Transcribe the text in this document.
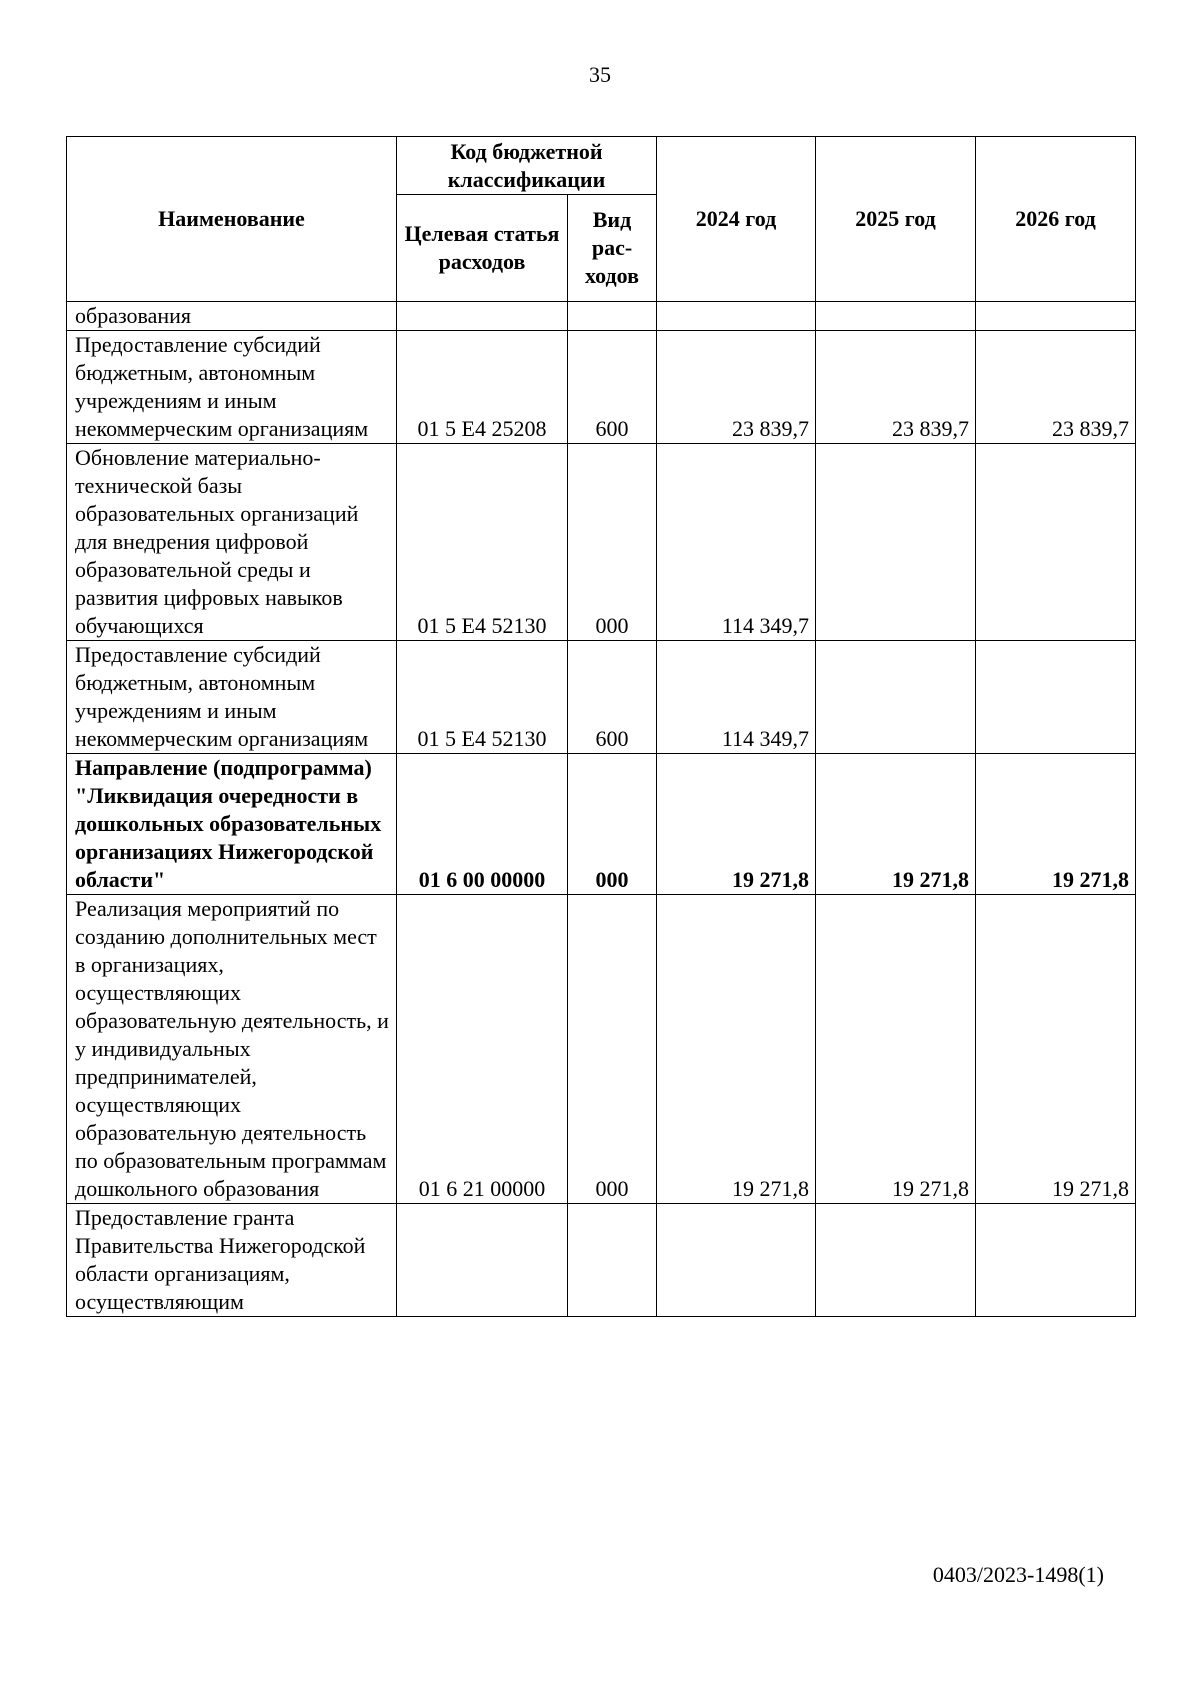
35
Наименование	Код бюджетной классификации		2024 год	2025 год	2026 год
	Целевая статья расходов	Вид рас-ходов			
образования					
Предоставление субсидий бюджетным, автономным учреждениям и иным некоммерческим организациям	01 5 E4 25208	600	23 839,7	23 839,7	23 839,7
Обновление материально-технической базы образовательных организаций для внедрения цифровой образовательной среды и развития цифровых навыков обучающихся	01 5 E4 52130	000	114 349,7		
Предоставление субсидий бюджетным, автономным учреждениям и иным некоммерческим организациям	01 5 E4 52130	600	114 349,7		
Направление (подпрограмма) "Ликвидация очередности в дошкольных образовательных организациях Нижегородской области"	01 6 00 00000	000	19 271,8	19 271,8	19 271,8
Реализация мероприятий по созданию дополнительных мест в организациях, осуществляющих образовательную деятельность, и у индивидуальных предпринимателей, осуществляющих образовательную деятельность по образовательным программам дошкольного образования	01 6 21 00000	000	19 271,8	19 271,8	19 271,8
Предоставление гранта Правительства Нижегородской области организациям, осуществляющим					
0403/2023-1498(1)
